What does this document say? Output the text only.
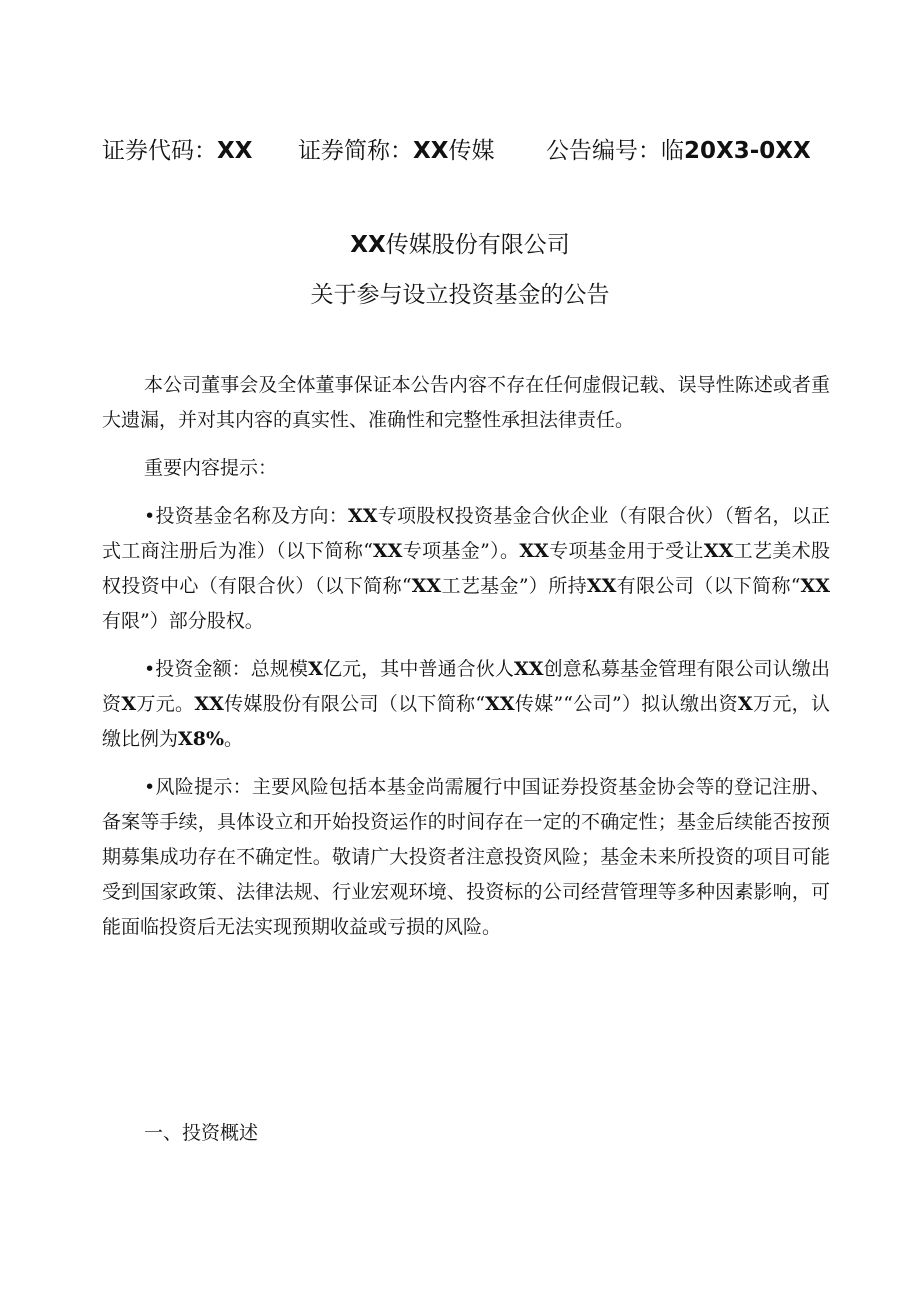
证券代码：XX	证券简称：XX传媒	公告编号：临20X3-0XX
XX传媒股份有限公司
关于参与设立投资基金的公告

本公司董事会及全体董事保证本公告内容不存在任何虚假记载、误导性陈述或者重大遗漏，并对其内容的真实性、准确性和完整性承担法律责任。

重要内容提示：

•投资基金名称及方向：XX专项股权投资基金合伙企业（有限合伙）（暂名，以正式工商注册后为准）（以下简称“XX专项基金”）。XX专项基金用于受让XX工艺美术股权投资中心（有限合伙）（以下简称“XX工艺基金”）所持XX有限公司（以下简称“XX有限”）部分股权。

•投资金额：总规模X亿元，其中普通合伙人XX创意私募基金管理有限公司认缴出资X万元。XX传媒股份有限公司（以下简称“XX传媒”“公司”）拟认缴出资X万元，认缴比例为X8%。

•风险提示：主要风险包括本基金尚需履行中国证券投资基金协会等的登记注册、备案等手续，具体设立和开始投资运作的时间存在一定的不确定性；基金后续能否按预期募集成功存在不确定性。敬请广大投资者注意投资风险；基金未来所投资的项目可能受到国家政策、法律法规、行业宏观环境、投资标的公司经营管理等多种因素影响，可能面临投资后无法实现预期收益或亏损的风险。

一、投资概述
